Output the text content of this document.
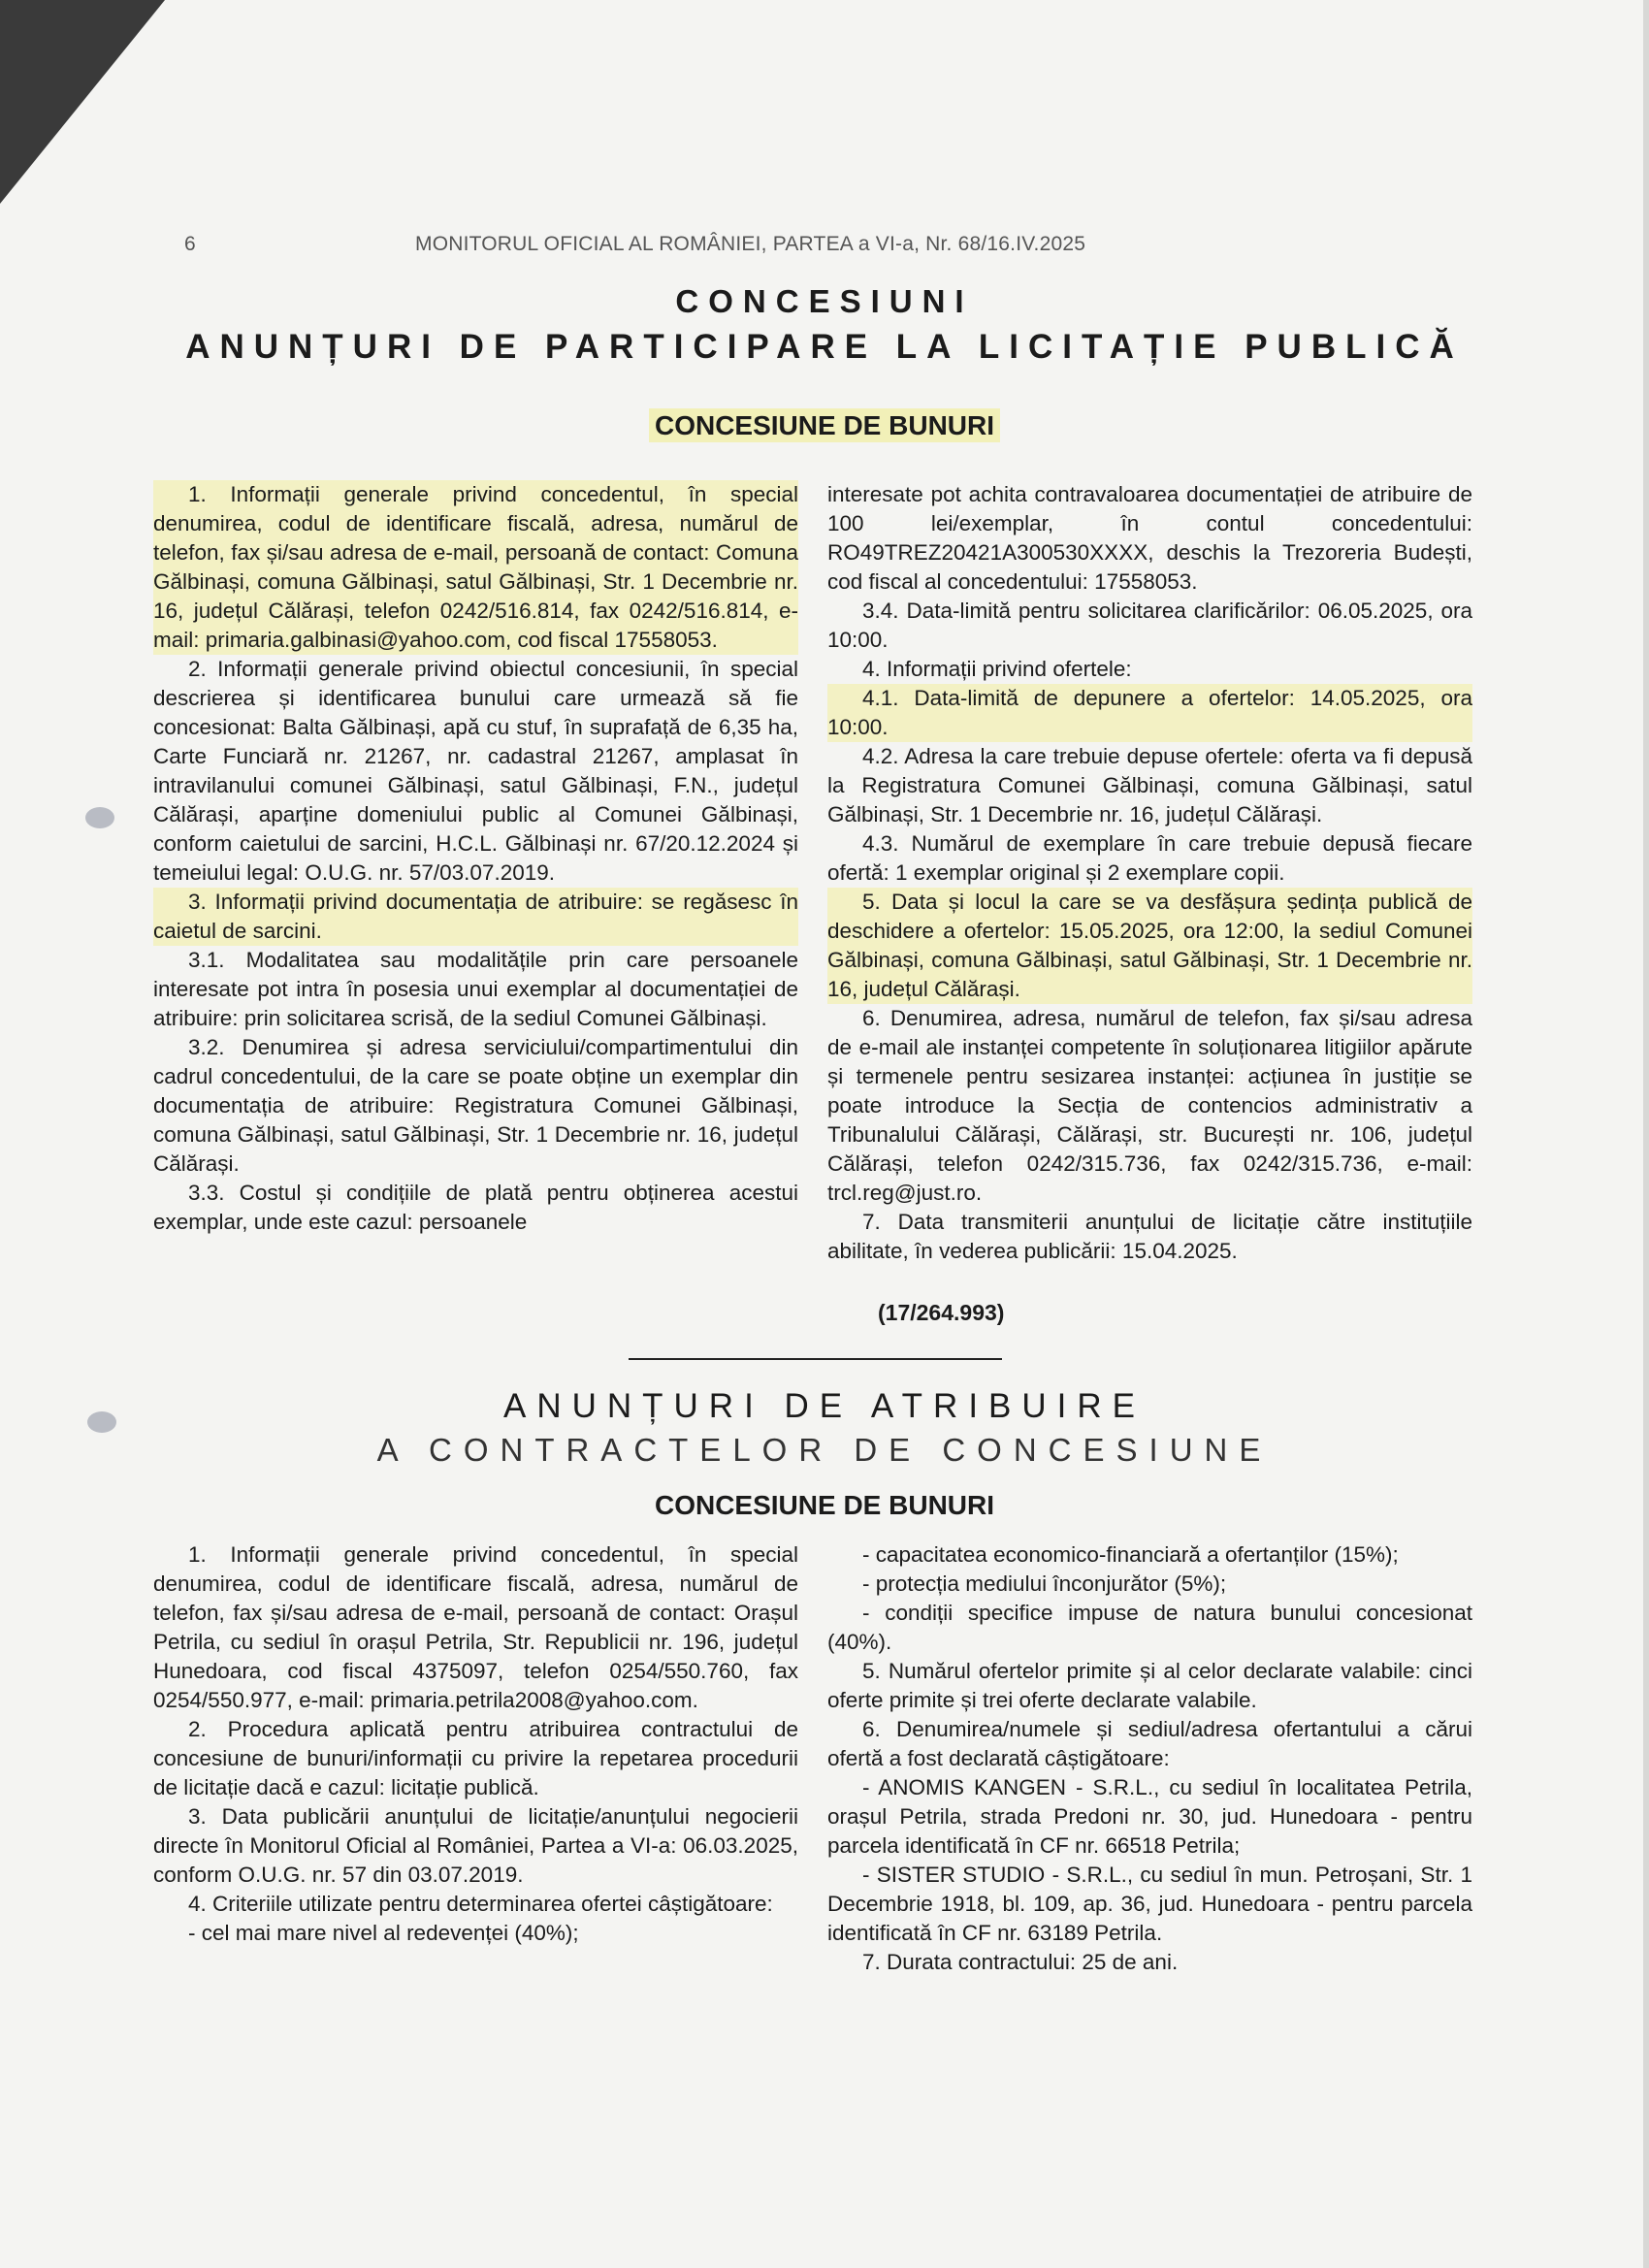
6	MONITORUL OFICIAL AL ROMÂNIEI, PARTEA a VI-a, Nr. 68/16.IV.2025
CONCESIUNI
ANUNȚURI DE PARTICIPARE LA LICITAȚIE PUBLICĂ
CONCESIUNE DE BUNURI

1. Informații generale privind concedentul, în special denumirea, codul de identificare fiscală, adresa, numărul de telefon, fax și/sau adresa de e-mail, persoană de contact: Comuna Gălbinași, comuna Gălbinași, satul Gălbinași, Str. 1 Decembrie nr. 16, județul Călărași, telefon 0242/516.814, fax 0242/516.814, e-mail: primaria.galbinasi@yahoo.com, cod fiscal 17558053.

2. Informații generale privind obiectul concesiunii, în special descrierea și identificarea bunului care urmează să fie concesionat: Balta Gălbinași, apă cu stuf, în suprafață de 6,35 ha, Carte Funciară nr. 21267, nr. cadastral 21267, amplasat în intravilanului comunei Gălbinași, satul Gălbinași, F.N., județul Călărași, aparține domeniului public al Comunei Gălbinași, conform caietului de sarcini, H.C.L. Gălbinași nr. 67/20.12.2024 și temeiului legal: O.U.G. nr. 57/03.07.2019.

3. Informații privind documentația de atribuire: se regăsesc în caietul de sarcini.

3.1. Modalitatea sau modalitățile prin care persoanele interesate pot intra în posesia unui exemplar al documentației de atribuire: prin solicitarea scrisă, de la sediul Comunei Gălbinași.

3.2. Denumirea și adresa serviciului/compartimentului din cadrul concedentului, de la care se poate obține un exemplar din documentația de atribuire: Registratura Comunei Gălbinași, comuna Gălbinași, satul Gălbinași, Str. 1 Decembrie nr. 16, județul Călărași.

3.3. Costul și condițiile de plată pentru obținerea acestui exemplar, unde este cazul: persoanele

interesate pot achita contravaloarea documentației de atribuire de 100 lei/exemplar, în contul concedentului: RO49TREZ20421A300530XXXX, deschis la Trezoreria Budești, cod fiscal al concedentului: 17558053.

3.4. Data-limită pentru solicitarea clarificărilor: 06.05.2025, ora 10:00.

4. Informații privind ofertele:

4.1. Data-limită de depunere a ofertelor: 14.05.2025, ora 10:00.

4.2. Adresa la care trebuie depuse ofertele: oferta va fi depusă la Registratura Comunei Gălbinași, comuna Gălbinași, satul Gălbinași, Str. 1 Decembrie nr. 16, județul Călărași.

4.3. Numărul de exemplare în care trebuie depusă fiecare ofertă: 1 exemplar original și 2 exemplare copii.

5. Data și locul la care se va desfășura ședința publică de deschidere a ofertelor: 15.05.2025, ora 12:00, la sediul Comunei Gălbinași, comuna Gălbinași, satul Gălbinași, Str. 1 Decembrie nr. 16, județul Călărași.

6. Denumirea, adresa, numărul de telefon, fax și/sau adresa de e-mail ale instanței competente în soluționarea litigiilor apărute și termenele pentru sesizarea instanței: acțiunea în justiție se poate introduce la Secția de contencios administrativ a Tribunalului Călărași, Călărași, str. București nr. 106, județul Călărași, telefon 0242/315.736, fax 0242/315.736, e-mail: trcl.reg@just.ro.

7. Data transmiterii anunțului de licitație către instituțiile abilitate, în vederea publicării: 15.04.2025.

(17/264.993)
ANUNȚURI DE ATRIBUIRE
A CONTRACTELOR DE CONCESIUNE
CONCESIUNE DE BUNURI

1. Informații generale privind concedentul, în special denumirea, codul de identificare fiscală, adresa, numărul de telefon, fax și/sau adresa de e-mail, persoană de contact: Orașul Petrila, cu sediul în orașul Petrila, Str. Republicii nr. 196, județul Hunedoara, cod fiscal 4375097, telefon 0254/550.760, fax 0254/550.977, e-mail: primaria.petrila2008@yahoo.com.

2. Procedura aplicată pentru atribuirea contractului de concesiune de bunuri/informații cu privire la repetarea procedurii de licitație dacă e cazul: licitație publică.

3. Data publicării anunțului de licitație/anunțului negocierii directe în Monitorul Oficial al României, Partea a VI-a: 06.03.2025, conform O.U.G. nr. 57 din 03.07.2019.

4. Criteriile utilizate pentru determinarea ofertei câștigătoare:

- cel mai mare nivel al redevenței (40%);

- capacitatea economico-financiară a ofertanților (15%);

- protecția mediului înconjurător (5%);

- condiții specifice impuse de natura bunului concesionat (40%).

5. Numărul ofertelor primite și al celor declarate valabile: cinci oferte primite și trei oferte declarate valabile.

6. Denumirea/numele și sediul/adresa ofertantului a cărui ofertă a fost declarată câștigătoare:

- ANOMIS KANGEN - S.R.L., cu sediul în localitatea Petrila, orașul Petrila, strada Predoni nr. 30, jud. Hunedoara - pentru parcela identificată în CF nr. 66518 Petrila;

- SISTER STUDIO - S.R.L., cu sediul în mun. Petroșani, Str. 1 Decembrie 1918, bl. 109, ap. 36, jud. Hunedoara - pentru parcela identificată în CF nr. 63189 Petrila.

7. Durata contractului: 25 de ani.
